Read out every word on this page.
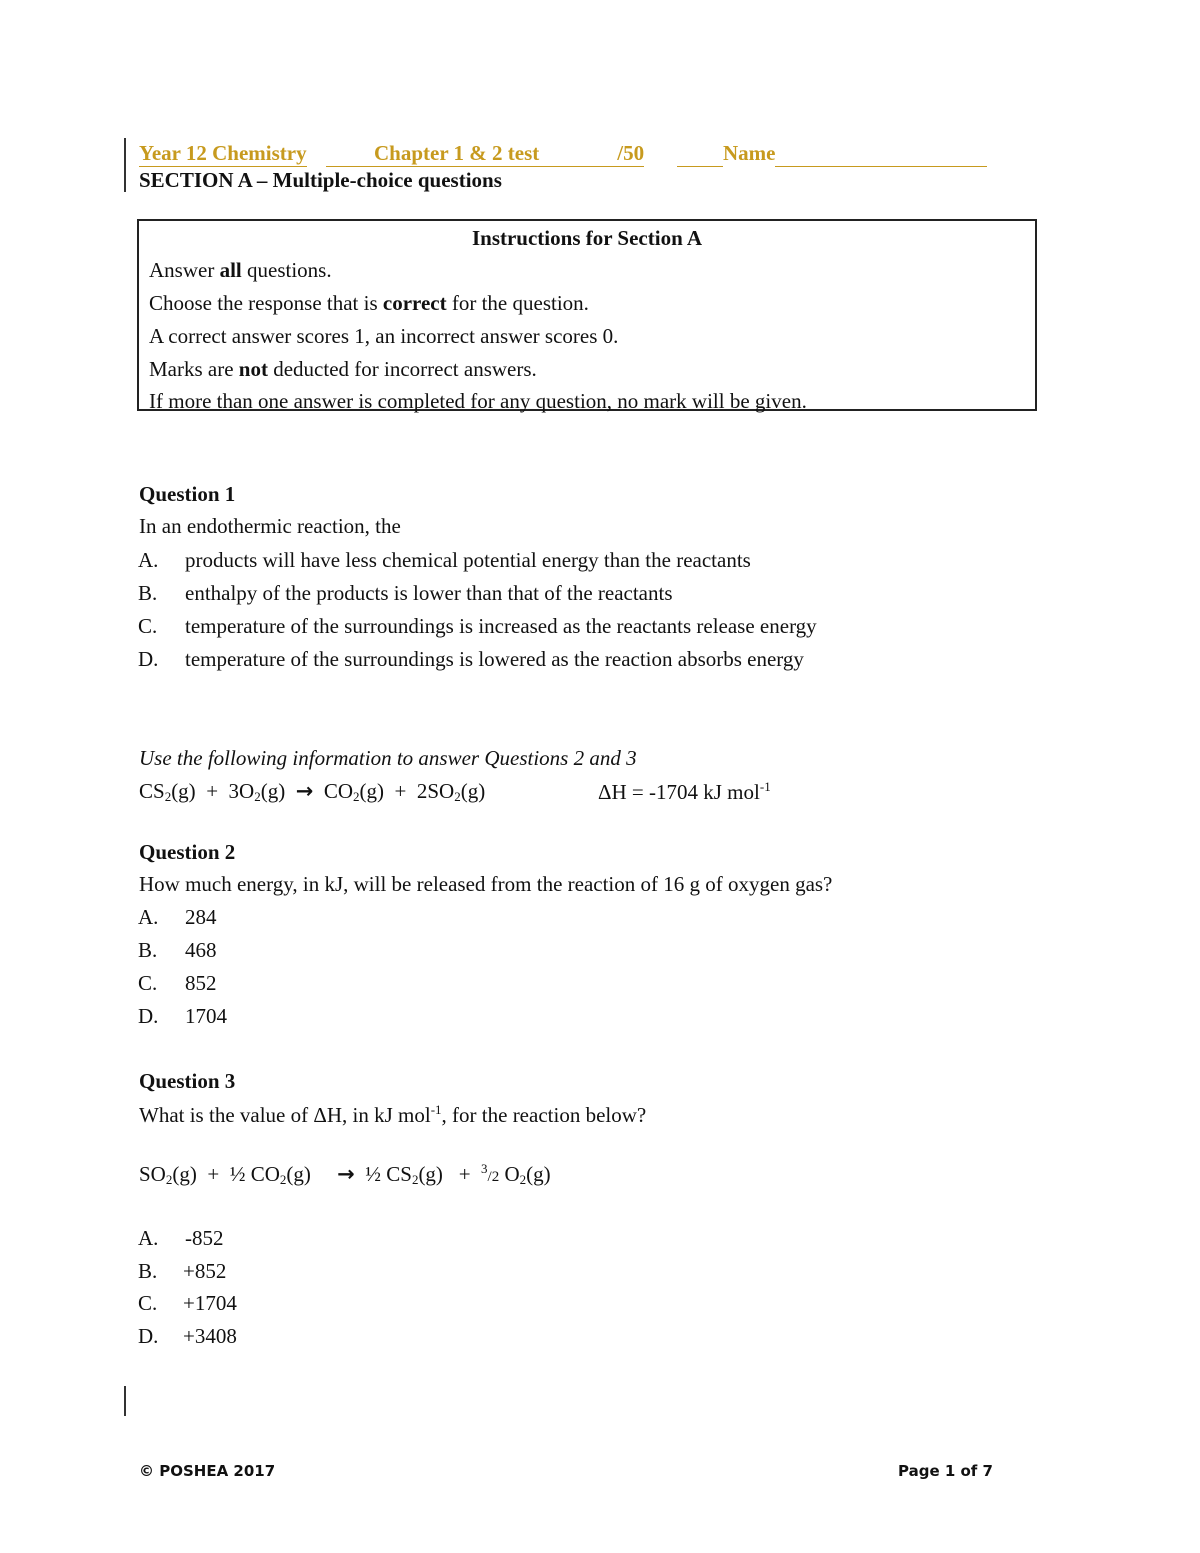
Year 12 Chemistry	Chapter 1 & 2 test	/50	Name
SECTION A – Multiple-choice questions
Instructions for Section A
Answer all questions.
Choose the response that is correct for the question.
A correct answer scores 1, an incorrect answer scores 0.
Marks are not deducted for incorrect answers.
If more than one answer is completed for any question, no mark will be given.
Question 1
In an endothermic reaction, the
A. products will have less chemical potential energy than the reactants
B. enthalpy of the products is lower than that of the reactants
C. temperature of the surroundings is increased as the reactants release energy
D. temperature of the surroundings is lowered as the reaction absorbs energy
Use the following information to answer Questions 2 and 3
$CS_2(g) + 3O_2(g) \to CO_2(g) + 2SO_2(g)$	ΔH = -1704 kJ mol$^{-1}$
Question 2
How much energy, in kJ, will be released from the reaction of 16 g of oxygen gas?
A. 284
B. 468
C. 852
D. 1704
Question 3
What is the value of ΔH, in kJ mol$^{-1}$, for the reaction below?
$SO_2(g)$ + ½ $CO_2(g)$ → ½ $CS_2(g) + ^3/2$ $O_2(g)$
A. -852
B. +852
C. +1704
D. +3408
© POSHEA 2017	Page 1 of 7
